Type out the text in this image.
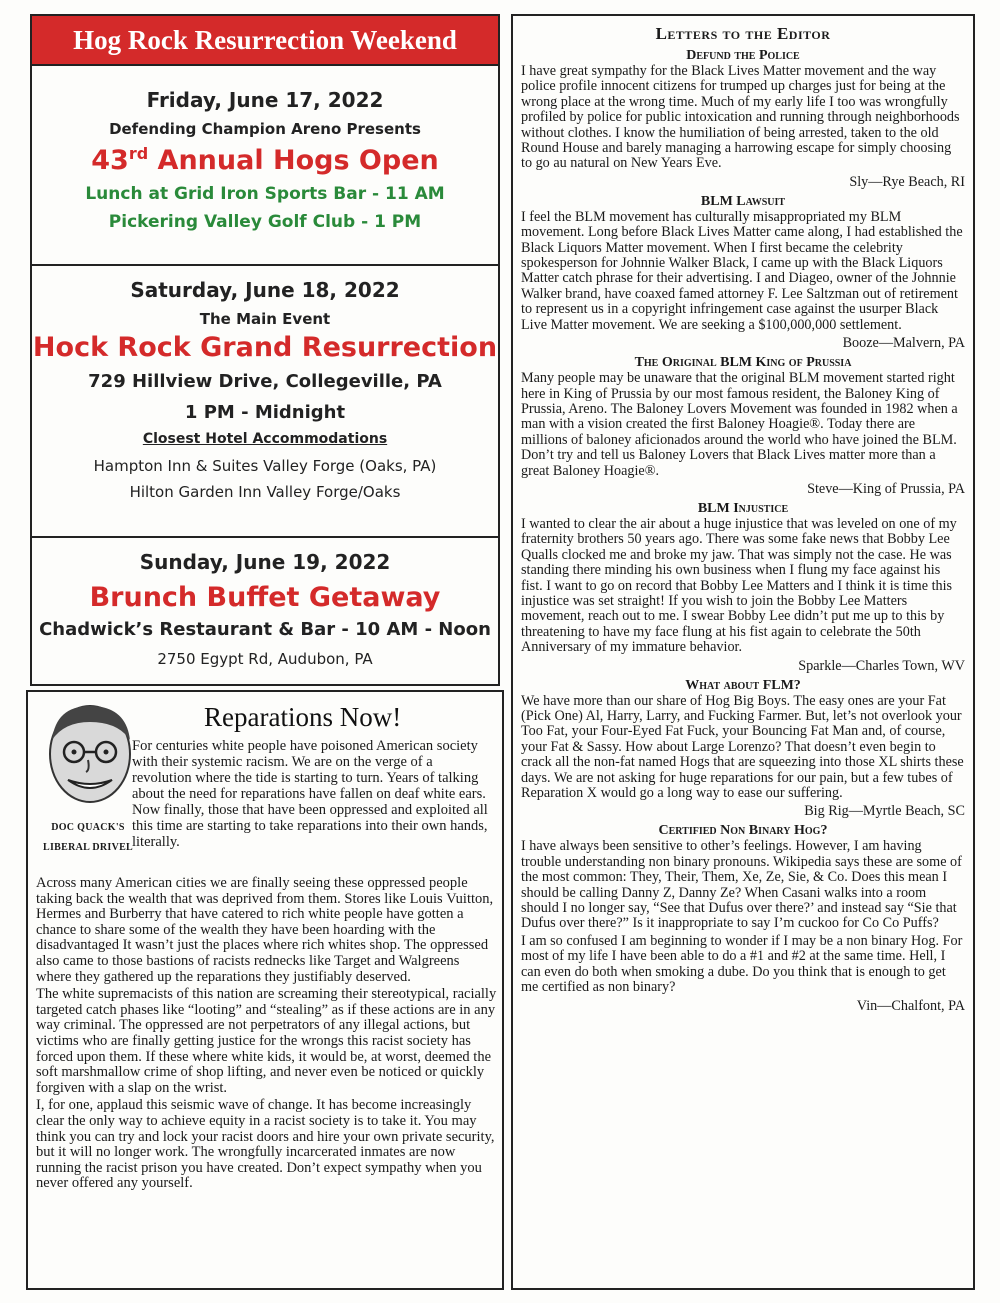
Hog Rock Resurrection Weekend
Friday, June 17, 2022
Defending Champion Areno Presents
43rd Annual Hogs Open
Lunch at Grid Iron Sports Bar - 11 AM
Pickering Valley Golf Club - 1 PM
Saturday, June 18, 2022
The Main Event
Hock Rock Grand Resurrection
729 Hillview Drive, Collegeville, PA
1 PM - Midnight
Closest Hotel Accommodations
Hampton Inn & Suites Valley Forge (Oaks, PA)
Hilton Garden Inn Valley Forge/Oaks
Sunday, June 19, 2022
Brunch Buffet Getaway
Chadwick’s Restaurant & Bar - 10 AM - Noon
2750 Egypt Rd, Audubon, PA
DOC QUACK'S
LIBERAL DRIVEL
Reparations Now!
For centuries white people have poisoned American society with their systemic racism. We are on the verge of a revolution where the tide is starting to turn. Years of talking about the need for reparations have fallen on deaf white ears. Now finally, those that have been oppressed and exploited all this time are starting to take reparations into their own hands, literally.

Across many American cities we are finally seeing these oppressed people taking back the wealth that was deprived from them. Stores like Louis Vuitton, Hermes and Burberry that have catered to rich white people have gotten a chance to share some of the wealth they have been hoarding with the disadvantaged It wasn’t just the places where rich whites shop. The oppressed also came to those bastions of racists rednecks like Target and Walgreens where they gathered up the reparations they justifiably deserved.

The white supremacists of this nation are screaming their stereotypical, racially targeted catch phases like “looting” and “stealing” as if these actions are in any way criminal. The oppressed are not perpetrators of any illegal actions, but victims who are finally getting justice for the wrongs this racist society has forced upon them. If these where white kids, it would be, at worst, deemed the soft marshmallow crime of shop lifting, and never even be noticed or quickly forgiven with a slap on the wrist.

I, for one, applaud this seismic wave of change. It has become increasingly clear the only way to achieve equity in a racist society is to take it. You may think you can try and lock your racist doors and hire your own private security, but it will no longer work. The wrongfully incarcerated inmates are now running the racist prison you have created. Don’t expect sympathy when you never offered any yourself.

Letters to the Editor
Defund the Police

I have great sympathy for the Black Lives Matter movement and the way police profile innocent citizens for trumped up charges just for being at the wrong place at the wrong time. Much of my early life I too was wrongfully profiled by police for public intoxication and running through neighborhoods without clothes. I know the humiliation of being arrested, taken to the old Round House and barely managing a harrowing escape for simply choosing to go au natural on New Years Eve.

Sly—Rye Beach, RI
BLM Lawsuit

I feel the BLM movement has culturally misappropriated my BLM movement. Long before Black Lives Matter came along, I had established the Black Liquors Matter movement. When I first became the celebrity spokesperson for Johnnie Walker Black, I came up with the Black Liquors Matter catch phrase for their advertising. I and Diageo, owner of the Johnnie Walker brand, have coaxed famed attorney F. Lee Saltzman out of retirement to represent us in a copyright infringement case against the usurper Black Live Matter movement. We are seeking a $100,000,000 settlement.

Booze—Malvern, PA
The Original BLM King of Prussia

Many people may be unaware that the original BLM movement started right here in King of Prussia by our most famous resident, the Baloney King of Prussia, Areno. The Baloney Lovers Movement was founded in 1982 when a man with a vision created the first Baloney Hoagie®. Today there are millions of baloney aficionados around the world who have joined the BLM. Don’t try and tell us Baloney Lovers that Black Lives matter more than a great Baloney Hoagie®.

Steve—King of Prussia, PA
BLM Injustice

I wanted to clear the air about a huge injustice that was leveled on one of my fraternity brothers 50 years ago. There was some fake news that Bobby Lee Qualls clocked me and broke my jaw. That was simply not the case. He was standing there minding his own business when I flung my face against his fist. I want to go on record that Bobby Lee Matters and I think it is time this injustice was set straight! If you wish to join the Bobby Lee Matters movement, reach out to me. I swear Bobby Lee didn’t put me up to this by threatening to have my face flung at his fist again to celebrate the 50th Anniversary of my immature behavior.

Sparkle—Charles Town, WV
What about FLM?

We have more than our share of Hog Big Boys. The easy ones are your Fat (Pick One) Al, Harry, Larry, and Fucking Farmer. But, let’s not overlook your Too Fat, your Four-Eyed Fat Fuck, your Bouncing Fat Man and, of course, your Fat & Sassy. How about Large Lorenzo? That doesn’t even begin to crack all the non-fat named Hogs that are squeezing into those XL shirts these days. We are not asking for huge reparations for our pain, but a few tubes of Reparation X would go a long way to ease our suffering.

Big Rig—Myrtle Beach, SC
Certified Non Binary Hog?

I have always been sensitive to other’s feelings. However, I am having trouble understanding non binary pronouns. Wikipedia says these are some of the most common: They, Their, Them, Xe, Ze, Sie, & Co. Does this mean I should be calling Danny Z, Danny Ze? When Casani walks into a room should I no longer say, “See that Dufus over there?’ and instead say “Sie that Dufus over there?” Is it inappropriate to say I’m cuckoo for Co Co Puffs?

I am so confused I am beginning to wonder if I may be a non binary Hog. For most of my life I have been able to do a #1 and #2 at the same time. Hell, I can even do both when smoking a dube. Do you think that is enough to get me certified as non binary?

Vin—Chalfont, PA
